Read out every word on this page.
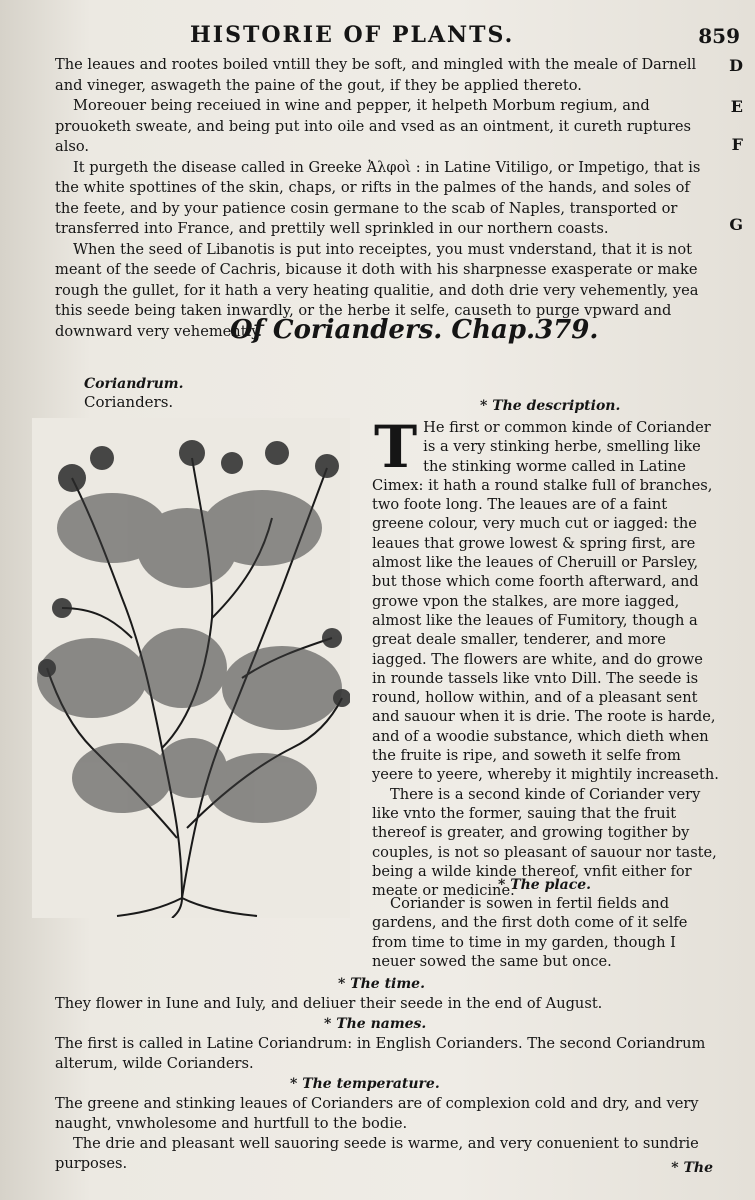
HISTORIE OF PLANTS.	859

The leaues and rootes boiled vntill they be soft, and mingled with the meale of Darnell and vineger, aswageth the paine of the gout, if they be applied thereto.

Moreouer being receiued in wine and pepper, it helpeth Morbum regium, and prouoketh sweate, and being put into oile and vsed as an ointment, it cureth ruptures also.

It purgeth the disease called in Greeke Ἀλφοὶ : in Latine Vitiligo, or Impetigo, that is the white spottines of the skin, chaps, or rifts in the palmes of the hands, and soles of the feete, and by your patience cosin germane to the scab of Naples, transported or transferred into France, and prettily well sprinkled in our northern coasts.

When the seed of Libanotis is put into receiptes, you must vnderstand, that it is not meant of the seede of Cachris, bicause it doth with his sharpnesse exasperate or make rough the gullet, for it hath a very heating qualitie, and doth drie very vehemently, yea this seede being taken inwardly, or the herbe it selfe, causeth to purge vpward and downward very vehemently.

D
E
F
G
Of Corianders. Chap.379.
Coriandrum.
Corianders.	* The description.
T He first or common kinde of Coriander is a very stinking herbe, smelling like the stinking worme called in Latine Cimex: it hath a round stalke full of branches, two foote long. The leaues are of a faint greene colour, very much cut or iagged: the leaues that growe lowest & spring first, are almost like the leaues of Cheruill or Parsley, but those which come foorth afterward, and growe vpon the stalkes, are more iagged, almost like the leaues of Fumitory, though a great deale smaller, tenderer, and more iagged. The flowers are white, and do growe in rounde tassels like vnto Dill. The seede is round, hollow within, and of a pleasant sent and sauour when it is drie. The roote is harde, and of a woodie substance, which dieth when the fruite is ripe, and soweth it selfe from yeere to yeere, whereby it mightily increaseth.

There is a second kinde of Coriander very like vnto the former, sauing that the fruit thereof is greater, and growing togither by couples, is not so pleasant of sauour nor taste, being a wilde kinde thereof, vnfit either for meate or medicine.

* The place.

Coriander is sowen in fertil fields and gardens, and the first doth come of it selfe from time to time in my garden, though I neuer sowed the same but once.

* The time.

They flower in Iune and Iuly, and deliuer their seede in the end of August.

* The names.

The first is called in Latine Coriandrum: in English Corianders. The second Coriandrum alterum, wilde Corianders.

* The temperature.

The greene and stinking leaues of Corianders are of complexion cold and dry, and very naught, vnwholesome and hurtfull to the bodie.

The drie and pleasant well sauoring seede is warme, and very conuenient to sundrie purposes.	* The
